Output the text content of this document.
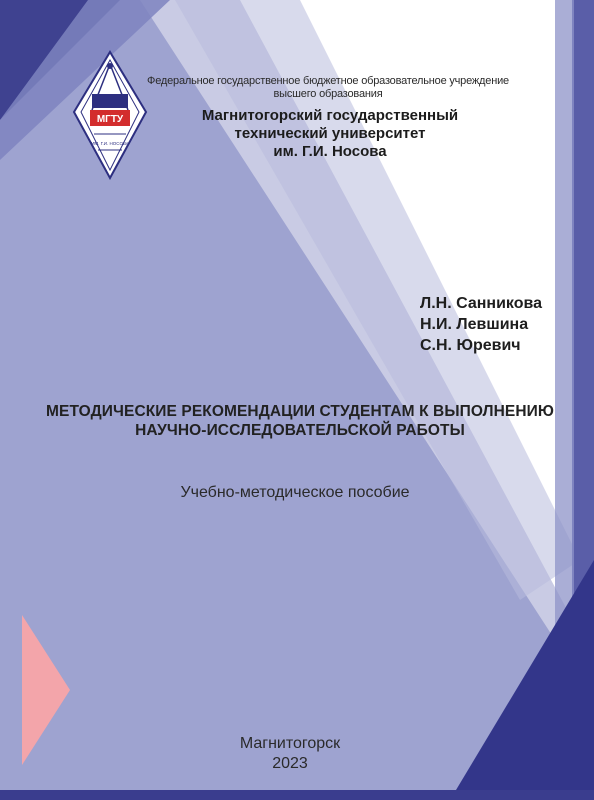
МГТУ
ИМ. Г.И. НОСОВА
Федеральное государственное бюджетное образовательное учреждение
высшего образования
Магнитогорский государственный
технический университет
им. Г.И. Носова
Л.Н. Санникова
Н.И. Левшина
С.Н. Юревич
МЕТОДИЧЕСКИЕ РЕКОМЕНДАЦИИ СТУДЕНТАМ К ВЫПОЛНЕНИЮ
НАУЧНО-ИССЛЕДОВАТЕЛЬСКОЙ РАБОТЫ
Учебно-методическое пособие
Магнитогорск
2023
